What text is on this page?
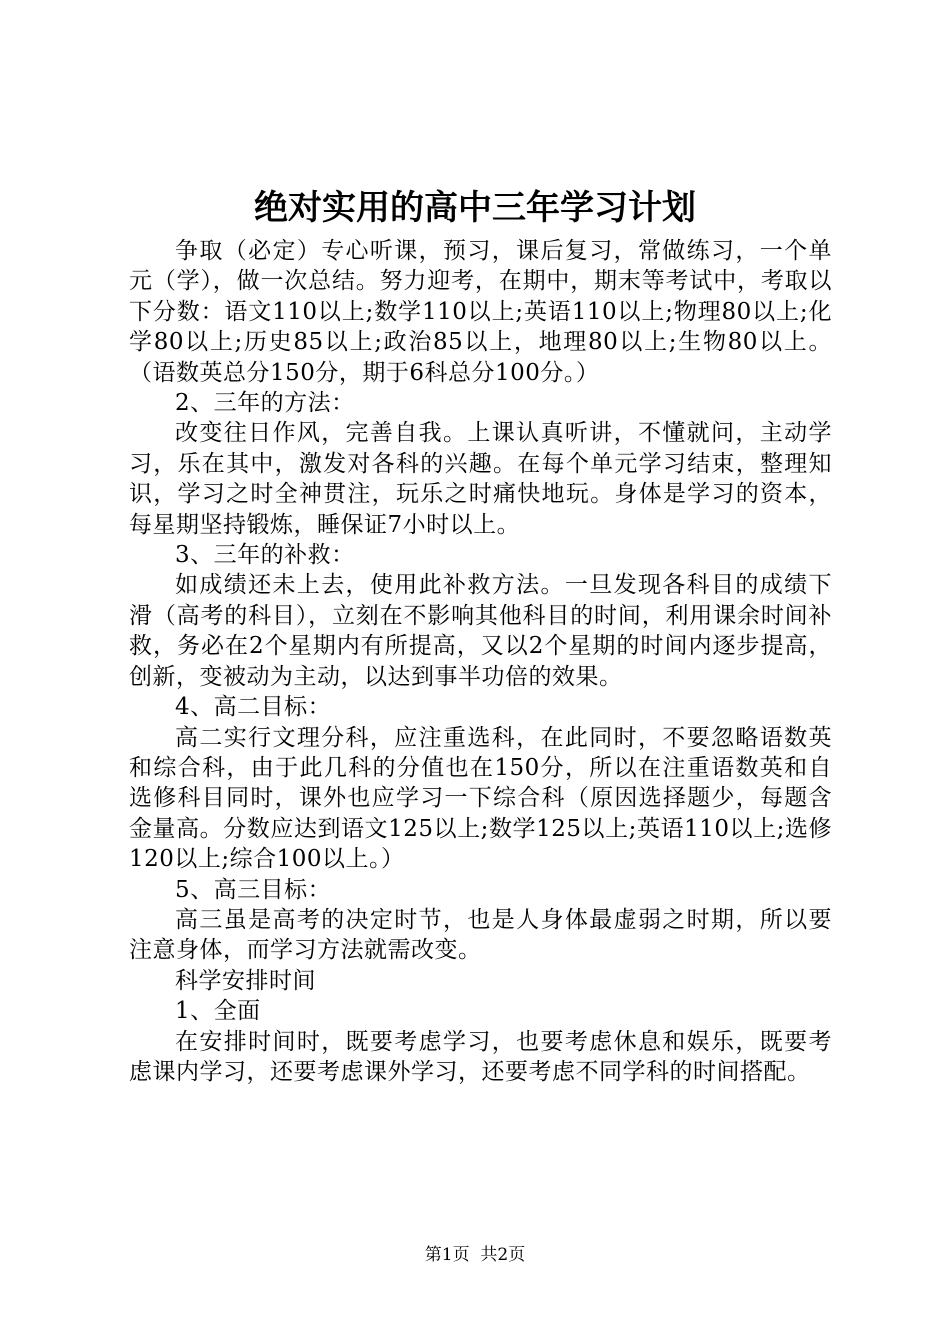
绝对实用的高中三年学习计划

争取（必定）专心听课，预习，课后复习，常做练习，一个单元（学），做一次总结。努力迎考，在期中，期末等考试中，考取以下分数：语文110以上;数学110以上;英语110以上;物理80以上;化学80以上;历史85以上;政治85以上，地理80以上;生物80以上。（语数英总分150分，期于6科总分100分。）

2、三年的方法：

改变往日作风，完善自我。上课认真听讲，不懂就问，主动学习，乐在其中，激发对各科的兴趣。在每个单元学习结束，整理知识，学习之时全神贯注，玩乐之时痛快地玩。身体是学习的资本，每星期坚持锻炼，睡保证7小时以上。

3、三年的补救：

如成绩还未上去，使用此补救方法。一旦发现各科目的成绩下滑（高考的科目），立刻在不影响其他科目的时间，利用课余时间补救，务必在2个星期内有所提高，又以2个星期的时间内逐步提高，创新，变被动为主动，以达到事半功倍的效果。

4、高二目标：

高二实行文理分科，应注重选科，在此同时，不要忽略语数英和综合科，由于此几科的分值也在150分，所以在注重语数英和自选修科目同时，课外也应学习一下综合科（原因选择题少，每题含金量高。分数应达到语文125以上;数学125以上;英语110以上;选修120以上;综合100以上。）

5、高三目标：

高三虽是高考的决定时节，也是人身体最虚弱之时期，所以要注意身体，而学习方法就需改变。

科学安排时间

1、全面

在安排时间时，既要考虑学习，也要考虑休息和娱乐，既要考虑课内学习，还要考虑课外学习，还要考虑不同学科的时间搭配。

第1页  共2页
